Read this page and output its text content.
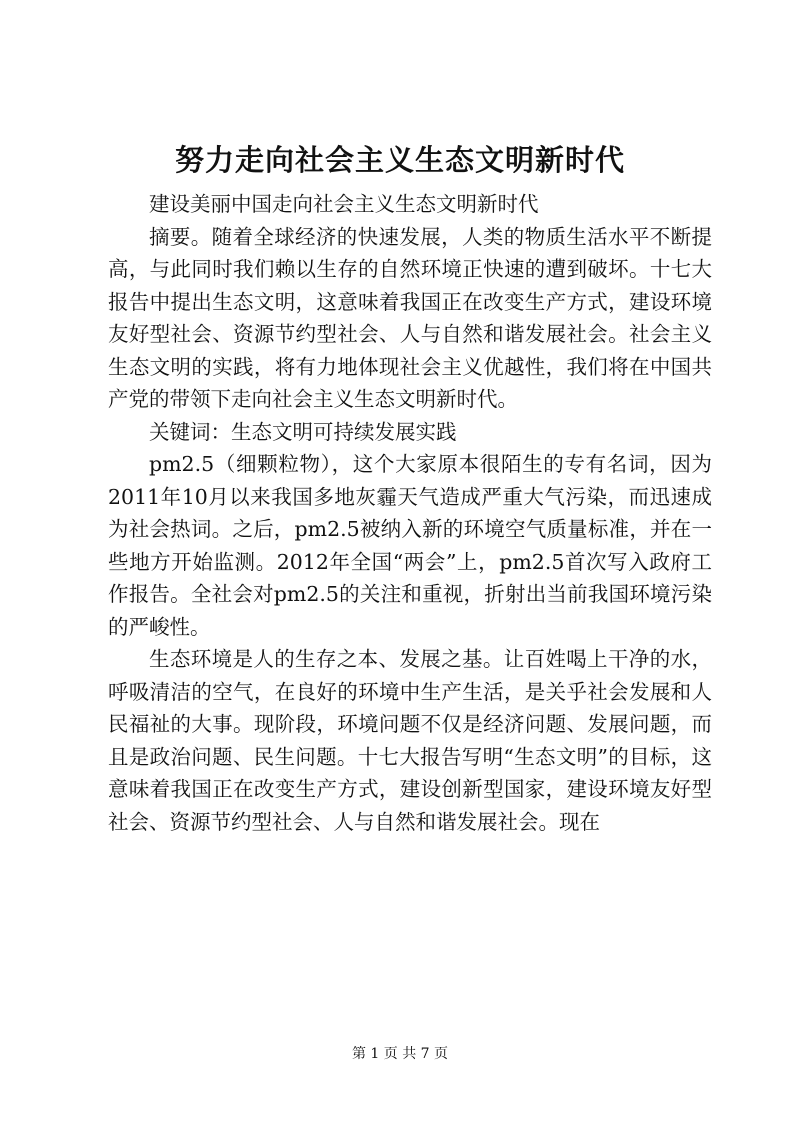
努力走向社会主义生态文明新时代

建设美丽中国走向社会主义生态文明新时代

摘要。随着全球经济的快速发展，人类的物质生活水平不断提高，与此同时我们赖以生存的自然环境正快速的遭到破坏。十七大报告中提出生态文明，这意味着我国正在改变生产方式，建设环境友好型社会、资源节约型社会、人与自然和谐发展社会。社会主义生态文明的实践，将有力地体现社会主义优越性，我们将在中国共产党的带领下走向社会主义生态文明新时代。

关键词：生态文明可持续发展实践

pm2.5（细颗粒物），这个大家原本很陌生的专有名词，因为2011年10月以来我国多地灰霾天气造成严重大气污染，而迅速成为社会热词。之后，pm2.5被纳入新的环境空气质量标准，并在一些地方开始监测。2012年全国“两会”上，pm2.5首次写入政府工作报告。全社会对pm2.5的关注和重视，折射出当前我国环境污染的严峻性。

生态环境是人的生存之本、发展之基。让百姓喝上干净的水，呼吸清洁的空气，在良好的环境中生产生活，是关乎社会发展和人民福祉的大事。现阶段，环境问题不仅是经济问题、发展问题，而且是政治问题、民生问题。十七大报告写明“生态文明”的目标，这意味着我国正在改变生产方式，建设创新型国家，建设环境友好型社会、资源节约型社会、人与自然和谐发展社会。现在

第 1 页 共 7 页
